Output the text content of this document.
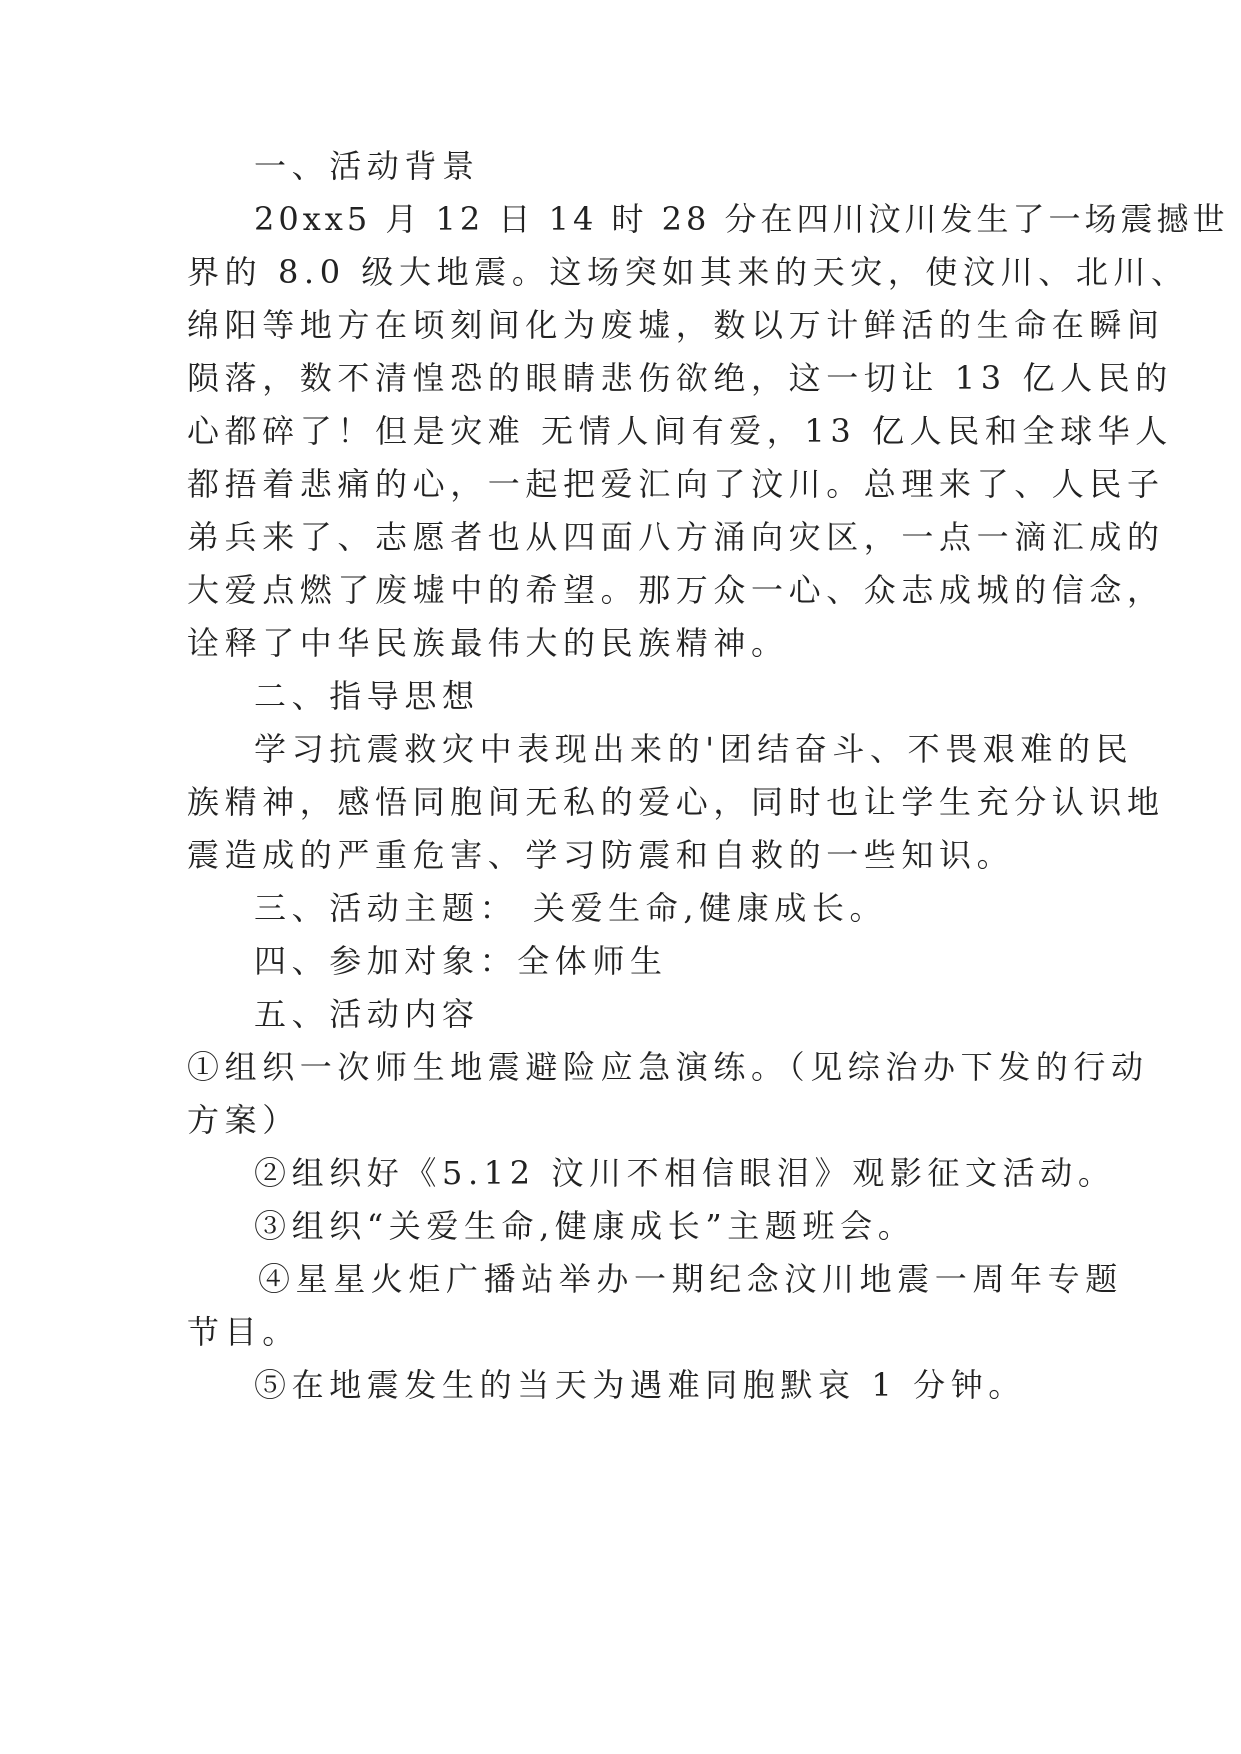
一、活动背景
20xx5 月 12 日 14 时 28 分在四川汶川发生了一场震撼世
界的 8.0 级大地震。这场突如其来的天灾，使汶川、北川、
绵阳等地方在顷刻间化为废墟，数以万计鲜活的生命在瞬间
陨落，数不清惶恐的眼睛悲伤欲绝，这一切让 13 亿人民的
心都碎了！但是灾难 无情人间有爱，13 亿人民和全球华人
都捂着悲痛的心，一起把爱汇向了汶川。总理来了、人民子
弟兵来了、志愿者也从四面八方涌向灾区，一点一滴汇成的
大爱点燃了废墟中的希望。那万众一心、众志成城的信念，
诠释了中华民族最伟大的民族精神。
二、指导思想
学习抗震救灾中表现出来的'团结奋斗、不畏艰难的民
族精神，感悟同胞间无私的爱心，同时也让学生充分认识地
震造成的严重危害、学习防震和自救的一些知识。
三、活动主题： 关爱生命,健康成长。
四、参加对象：全体师生
五、活动内容
①组织一次师生地震避险应急演练。（见综治办下发的行动
方案）
②组织好《5.12 汶川不相信眼泪》观影征文活动。
③组织“关爱生命,健康成长”主题班会。
④星星火炬广播站举办一期纪念汶川地震一周年专题
节目。
⑤在地震发生的当天为遇难同胞默哀 1 分钟。
